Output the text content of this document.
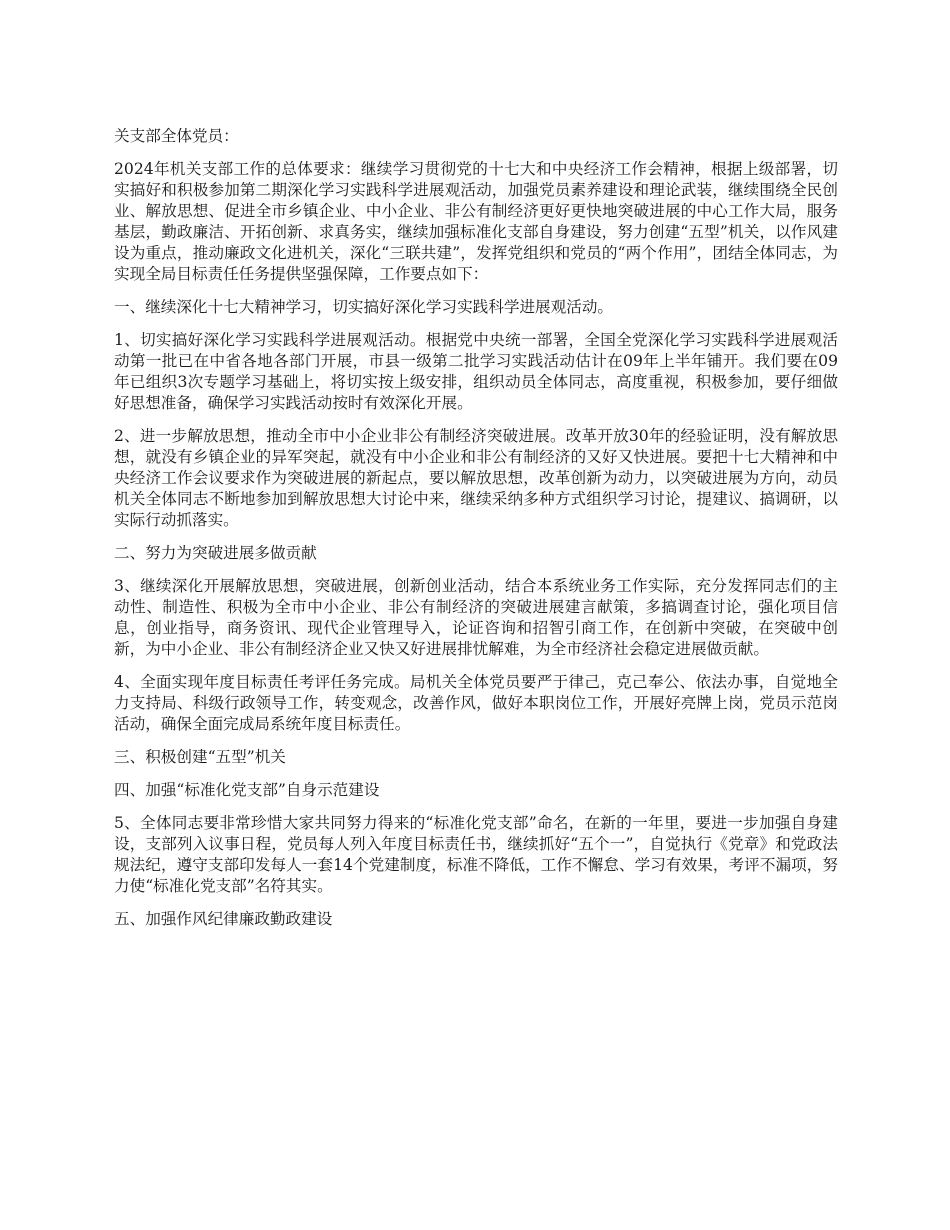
关支部全体党员：

2024年机关支部工作的总体要求：继续学习贯彻党的十七大和中央经济工作会精神，根据上级部署，切实搞好和积极参加第二期深化学习实践科学进展观活动，加强党员素养建设和理论武装，继续围绕全民创业、解放思想、促进全市乡镇企业、中小企业、非公有制经济更好更快地突破进展的中心工作大局，服务基层，勤政廉洁、开拓创新、求真务实，继续加强标准化支部自身建设，努力创建“五型”机关，以作风建设为重点，推动廉政文化进机关，深化“三联共建”，发挥党组织和党员的“两个作用”，团结全体同志，为实现全局目标责任任务提供坚强保障，工作要点如下：

一、继续深化十七大精神学习，切实搞好深化学习实践科学进展观活动。

1、切实搞好深化学习实践科学进展观活动。根据党中央统一部署，全国全党深化学习实践科学进展观活动第一批已在中省各地各部门开展，市县一级第二批学习实践活动估计在09年上半年铺开。我们要在09年已组织3次专题学习基础上，将切实按上级安排，组织动员全体同志，高度重视，积极参加，要仔细做好思想准备，确保学习实践活动按时有效深化开展。

2、进一步解放思想，推动全市中小企业非公有制经济突破进展。改革开放30年的经验证明，没有解放思想，就没有乡镇企业的异军突起，就没有中小企业和非公有制经济的又好又快进展。要把十七大精神和中央经济工作会议要求作为突破进展的新起点，要以解放思想，改革创新为动力，以突破进展为方向，动员机关全体同志不断地参加到解放思想大讨论中来，继续采纳多种方式组织学习讨论，提建议、搞调研，以实际行动抓落实。

二、努力为突破进展多做贡献

3、继续深化开展解放思想，突破进展，创新创业活动，结合本系统业务工作实际，充分发挥同志们的主动性、制造性、积极为全市中小企业、非公有制经济的突破进展建言献策，多搞调查讨论，强化项目信息，创业指导，商务资讯、现代企业管理导入，论证咨询和招智引商工作，在创新中突破，在突破中创新，为中小企业、非公有制经济企业又快又好进展排忧解难，为全市经济社会稳定进展做贡献。

4、全面实现年度目标责任考评任务完成。局机关全体党员要严于律己，克己奉公、依法办事，自觉地全力支持局、科级行政领导工作，转变观念，改善作风，做好本职岗位工作，开展好亮牌上岗，党员示范岗活动，确保全面完成局系统年度目标责任。

三、积极创建“五型”机关

四、加强“标准化党支部”自身示范建设

5、全体同志要非常珍惜大家共同努力得来的“标准化党支部”命名，在新的一年里，要进一步加强自身建设，支部列入议事日程，党员每人列入年度目标责任书，继续抓好“五个一”，自觉执行《党章》和党政法规法纪，遵守支部印发每人一套14个党建制度，标准不降低，工作不懈怠、学习有效果，考评不漏项，努力使“标准化党支部”名符其实。

五、加强作风纪律廉政勤政建设
